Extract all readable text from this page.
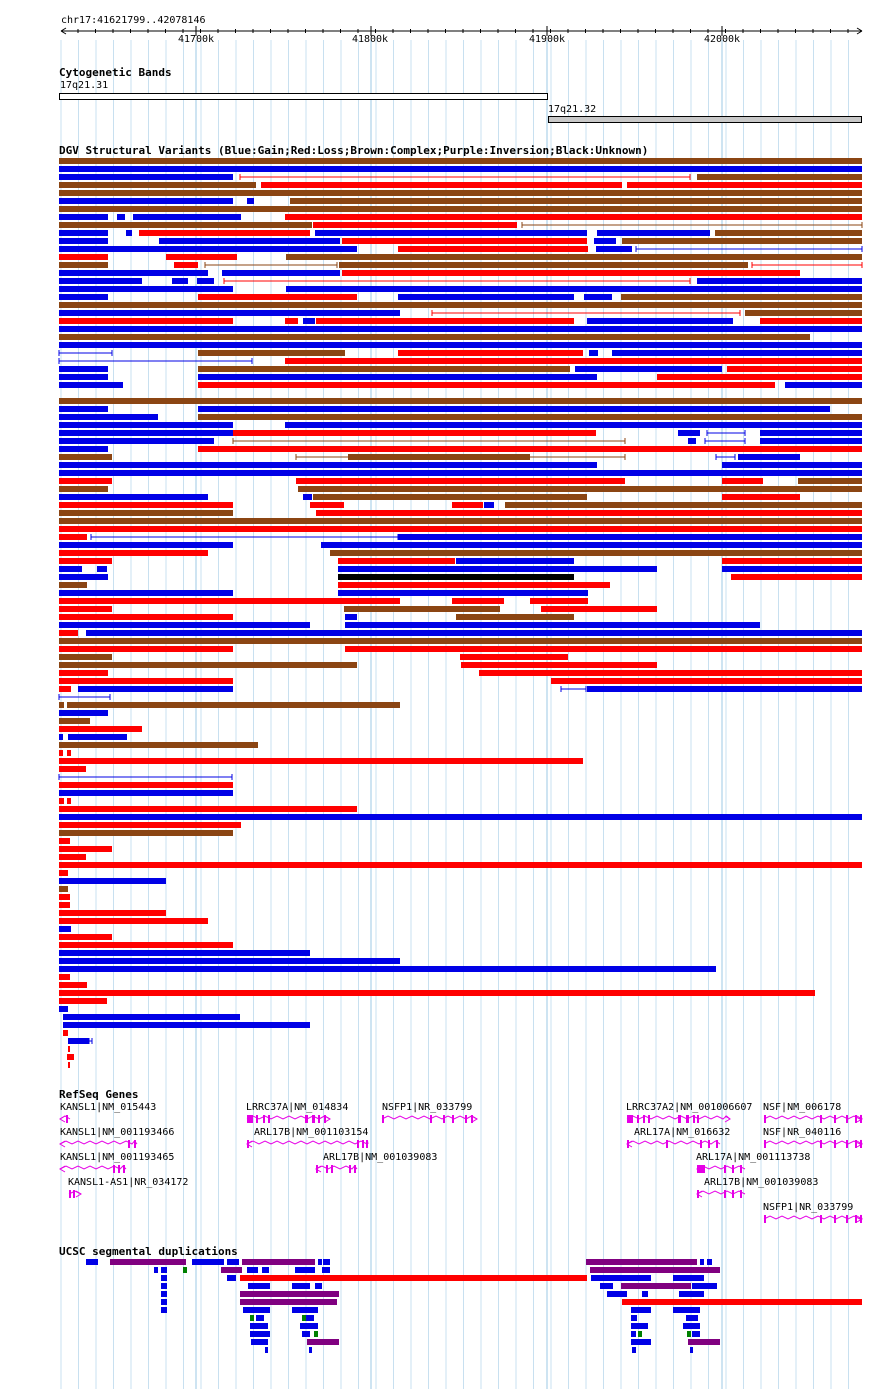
chr17:41621799..42078146
41700k	41800k	41900k	42000k
Cytogenetic Bands
17q21.31
17q21.32
DGV Structural Variants (Blue:Gain;Red:Loss;Brown:Complex;Purple:Inversion;Black:Unknown)
RefSeq Genes
KANSL1|NM_015443
KANSL1|NM_001193466
KANSL1|NM_001193465
KANSL1-AS1|NR_034172
LRRC37A|NM_014834
ARL17B|NM_001103154
ARL17B|NM_001039083
NSFP1|NR_033799	LRRC37A2|NM_001006607
ARL17A|NM_016632
ARL17A|NM_001113738
ARL17B|NM_001039083
NSF|NM_006178
NSF|NR_040116
NSFP1|NR_033799
UCSC segmental duplications
